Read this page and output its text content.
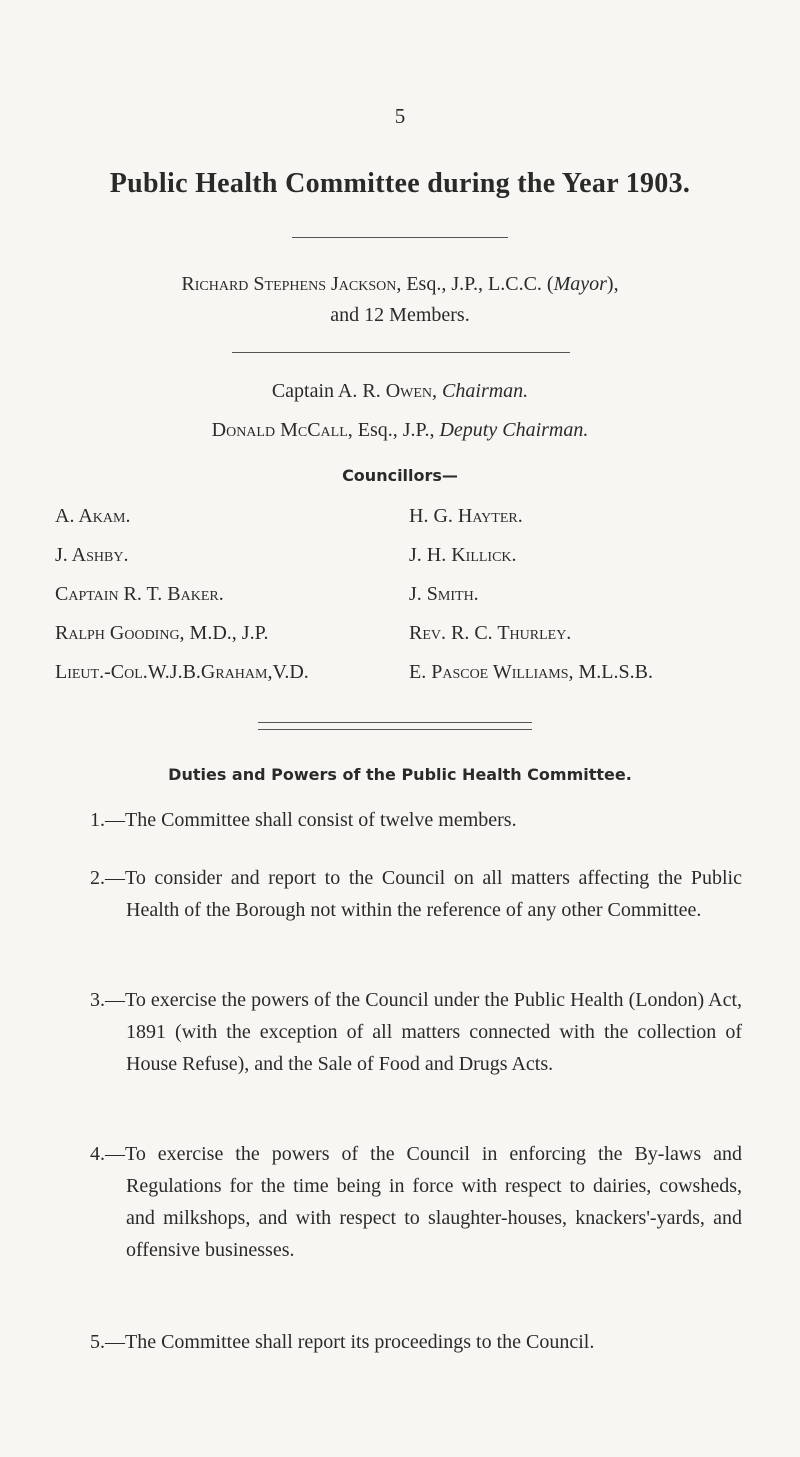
5
Public Health Committee during the Year 1903.
Richard Stephens Jackson, Esq., J.P., L.C.C. (Mayor),
and 12 Members.
Captain A. R. Owen, Chairman.
Donald McCall, Esq., J.P., Deputy Chairman.
Councillors—
A. Akam.
J. Ashby.
Captain R. T. Baker.
Ralph Gooding, M.D., J.P.
Lieut.-Col.W.J.B.Graham,V.D.
H. G. Hayter.
J. H. Killick.
J. Smith.
Rev. R. C. Thurley.
E. Pascoe Williams, M.L.S.B.
Duties and Powers of the Public Health Committee.
1.—The Committee shall consist of twelve members.
2.—To consider and report to the Council on all matters affecting the Public Health of the Borough not within the reference of any other Committee.
3.—To exercise the powers of the Council under the Public Health (London) Act, 1891 (with the exception of all matters connected with the collection of House Refuse), and the Sale of Food and Drugs Acts.
4.—To exercise the powers of the Council in enforcing the By-laws and Regulations for the time being in force with respect to dairies, cowsheds, and milkshops, and with respect to slaughter-houses, knackers'-yards, and offensive businesses.
5.—The Committee shall report its proceedings to the Council.
